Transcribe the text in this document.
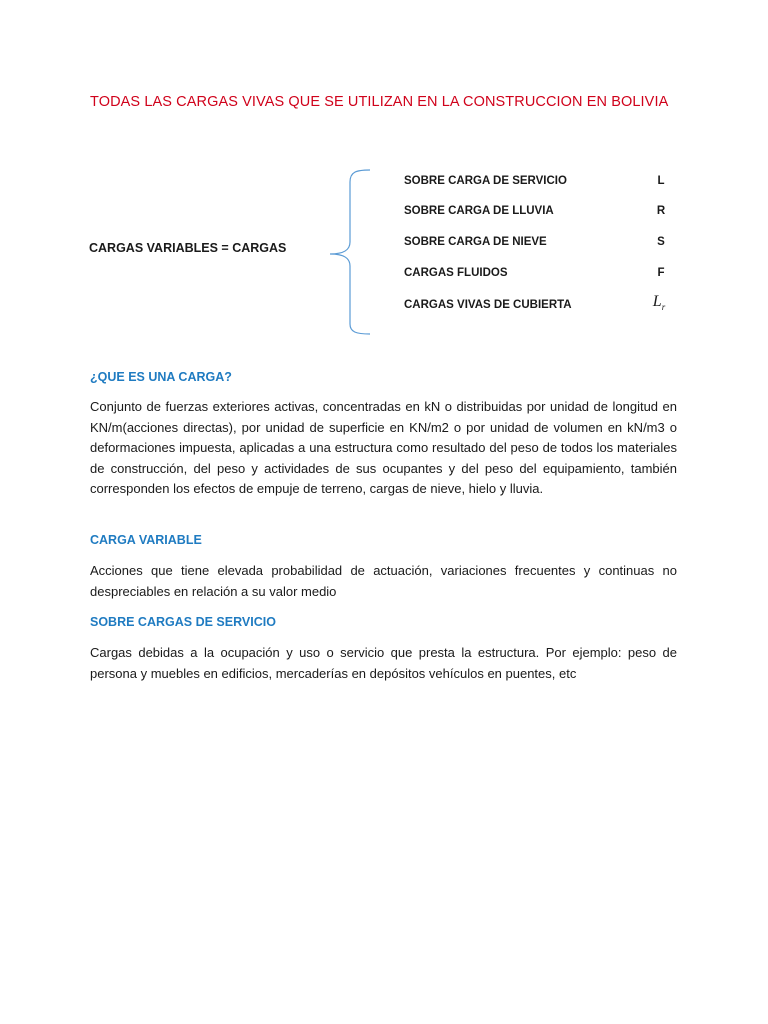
TODAS LAS CARGAS VIVAS QUE SE UTILIZAN EN LA CONSTRUCCION EN BOLIVIA
CARGAS VARIABLES = CARGAS
SOBRE CARGA DE SERVICIO	L
SOBRE CARGA DE LLUVIA	R
SOBRE CARGA DE NIEVE	S
CARGAS FLUIDOS	F
CARGAS VIVAS DE CUBIERTA	$L_r$
¿QUE ES UNA CARGA?
Conjunto de fuerzas exteriores activas, concentradas en kN o distribuidas por unidad de longitud en KN/m(acciones directas), por unidad de superficie en KN/m2 o por unidad de volumen en kN/m3 o deformaciones impuesta, aplicadas a una estructura como resultado del peso de todos los materiales de construcción, del peso y actividades de sus ocupantes y del peso del equipamiento, también corresponden los efectos de empuje de terreno, cargas de nieve, hielo y lluvia.
CARGA VARIABLE
Acciones que tiene elevada probabilidad de actuación, variaciones frecuentes y continuas no despreciables en relación a su valor medio
SOBRE CARGAS DE SERVICIO
Cargas debidas a la ocupación y uso o servicio que presta la estructura. Por ejemplo: peso de persona y muebles en edificios, mercaderías en depósitos vehículos en puentes, etc
